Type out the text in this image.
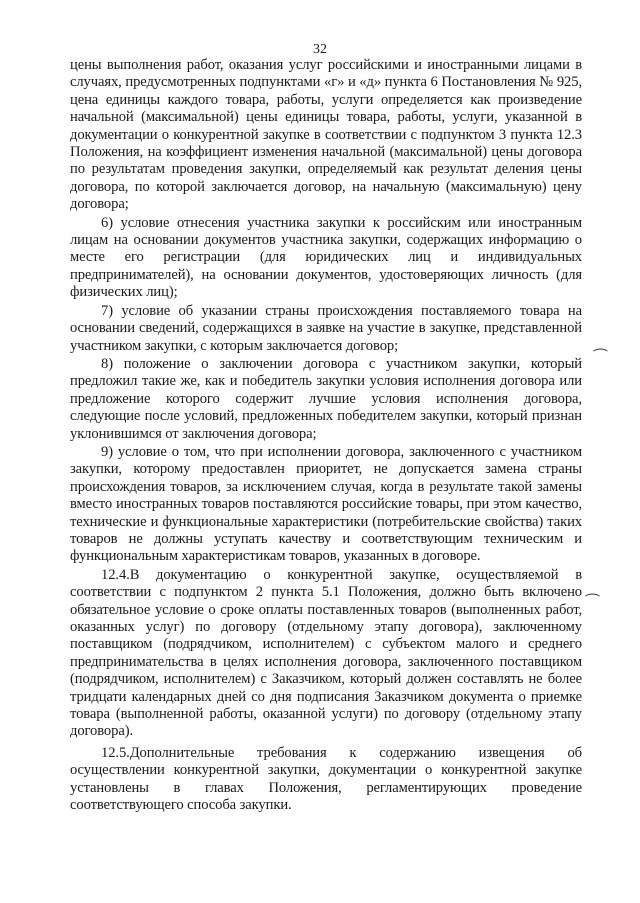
32

цены выполнения работ, оказания услуг российскими и иностранными лицами в случаях, предусмотренных подпунктами «г» и «д» пункта 6 Постановления № 925, цена единицы каждого товара, работы, услуги определяется как произведение начальной (максимальной) цены единицы товара, работы, услуги, указанной в документации о конкурентной закупке в соответствии с подпунктом 3 пункта 12.3 Положения, на коэффициент изменения начальной (максимальной) цены договора по результатам проведения закупки, определяемый как результат деления цены договора, по которой заключается договор, на начальную (максимальную) цену договора;

6) условие отнесения участника закупки к российским или иностранным лицам на основании документов участника закупки, содержащих информацию о месте его регистрации (для юридических лиц и индивидуальных предпринимателей), на основании документов, удостоверяющих личность (для физических лиц);

7) условие об указании страны происхождения поставляемого товара на основании сведений, содержащихся в заявке на участие в закупке, представленной участником закупки, с которым заключается договор;

8) положение о заключении договора с участником закупки, который предложил такие же, как и победитель закупки условия исполнения договора или предложение которого содержит лучшие условия исполнения договора, следующие после условий, предложенных победителем закупки, который признан уклонившимся от заключения договора;

9) условие о том, что при исполнении договора, заключенного с участником закупки, которому предоставлен приоритет, не допускается замена страны происхождения товаров, за исключением случая, когда в результате такой замены вместо иностранных товаров поставляются российские товары, при этом качество, технические и функциональные характеристики (потребительские свойства) таких товаров не должны уступать качеству и соответствующим техническим и функциональным характеристикам товаров, указанных в договоре.

12.4.В документацию о конкурентной закупке, осуществляемой в соответствии с подпунктом 2 пункта 5.1 Положения, должно быть включено обязательное условие о сроке оплаты поставленных товаров (выполненных работ, оказанных услуг) по договору (отдельному этапу договора), заключенному поставщиком (подрядчиком, исполнителем) с субъектом малого и среднего предпринимательства в целях исполнения договора, заключенного поставщиком (подрядчиком, исполнителем) с Заказчиком, который должен составлять не более тридцати календарных дней со дня подписания Заказчиком документа о приемке товара (выполненной работы, оказанной услуги) по договору (отдельному этапу договора).

12.5.Дополнительные требования к содержанию извещения об осуществлении конкурентной закупки, документации о конкурентной закупке установлены в главах Положения, регламентирующих проведение соответствующего способа закупки.

⁔
⁔
